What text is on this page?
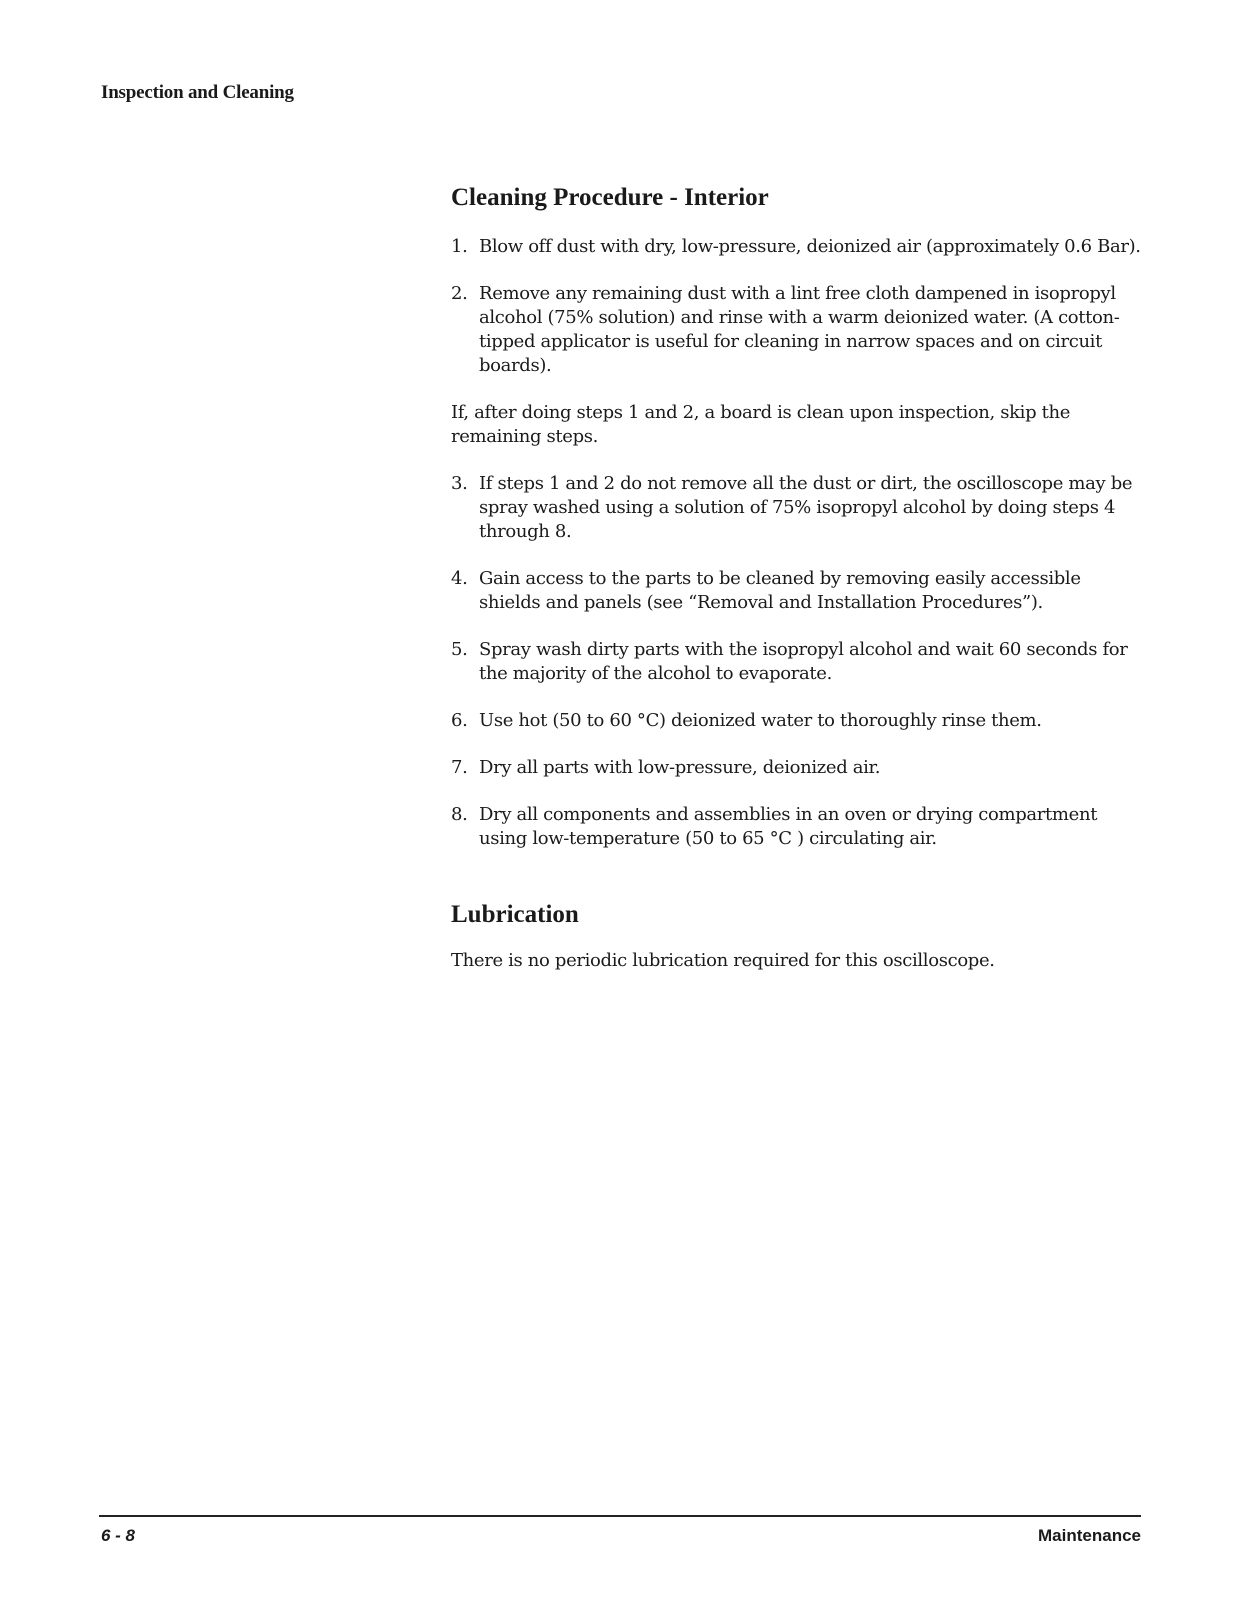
Inspection and Cleaning
Cleaning Procedure - Interior
1. Blow off dust with dry, low-pressure, deionized air (approximately 0.6 Bar).
2. Remove any remaining dust with a lint free cloth dampened in isopropyl alcohol (75% solution) and rinse with a warm deionized water. (A cotton-tipped applicator is useful for cleaning in narrow spaces and on circuit boards).

If, after doing steps 1 and 2, a board is clean upon inspection, skip the remaining steps.

3. If steps 1 and 2 do not remove all the dust or dirt, the oscilloscope may be spray washed using a solution of 75% isopropyl alcohol by doing steps 4 through 8.
4. Gain access to the parts to be cleaned by removing easily accessible shields and panels (see “Removal and Installation Procedures”).
5. Spray wash dirty parts with the isopropyl alcohol and wait 60 seconds for the majority of the alcohol to evaporate.
6. Use hot (50 to 60 °C) deionized water to thoroughly rinse them.
7. Dry all parts with low-pressure, deionized air.
8. Dry all components and assemblies in an oven or drying compartment using low-temperature (50 to 65 °C ) circulating air.
Lubrication

There is no periodic lubrication required for this oscilloscope.

6 - 8	Maintenance
